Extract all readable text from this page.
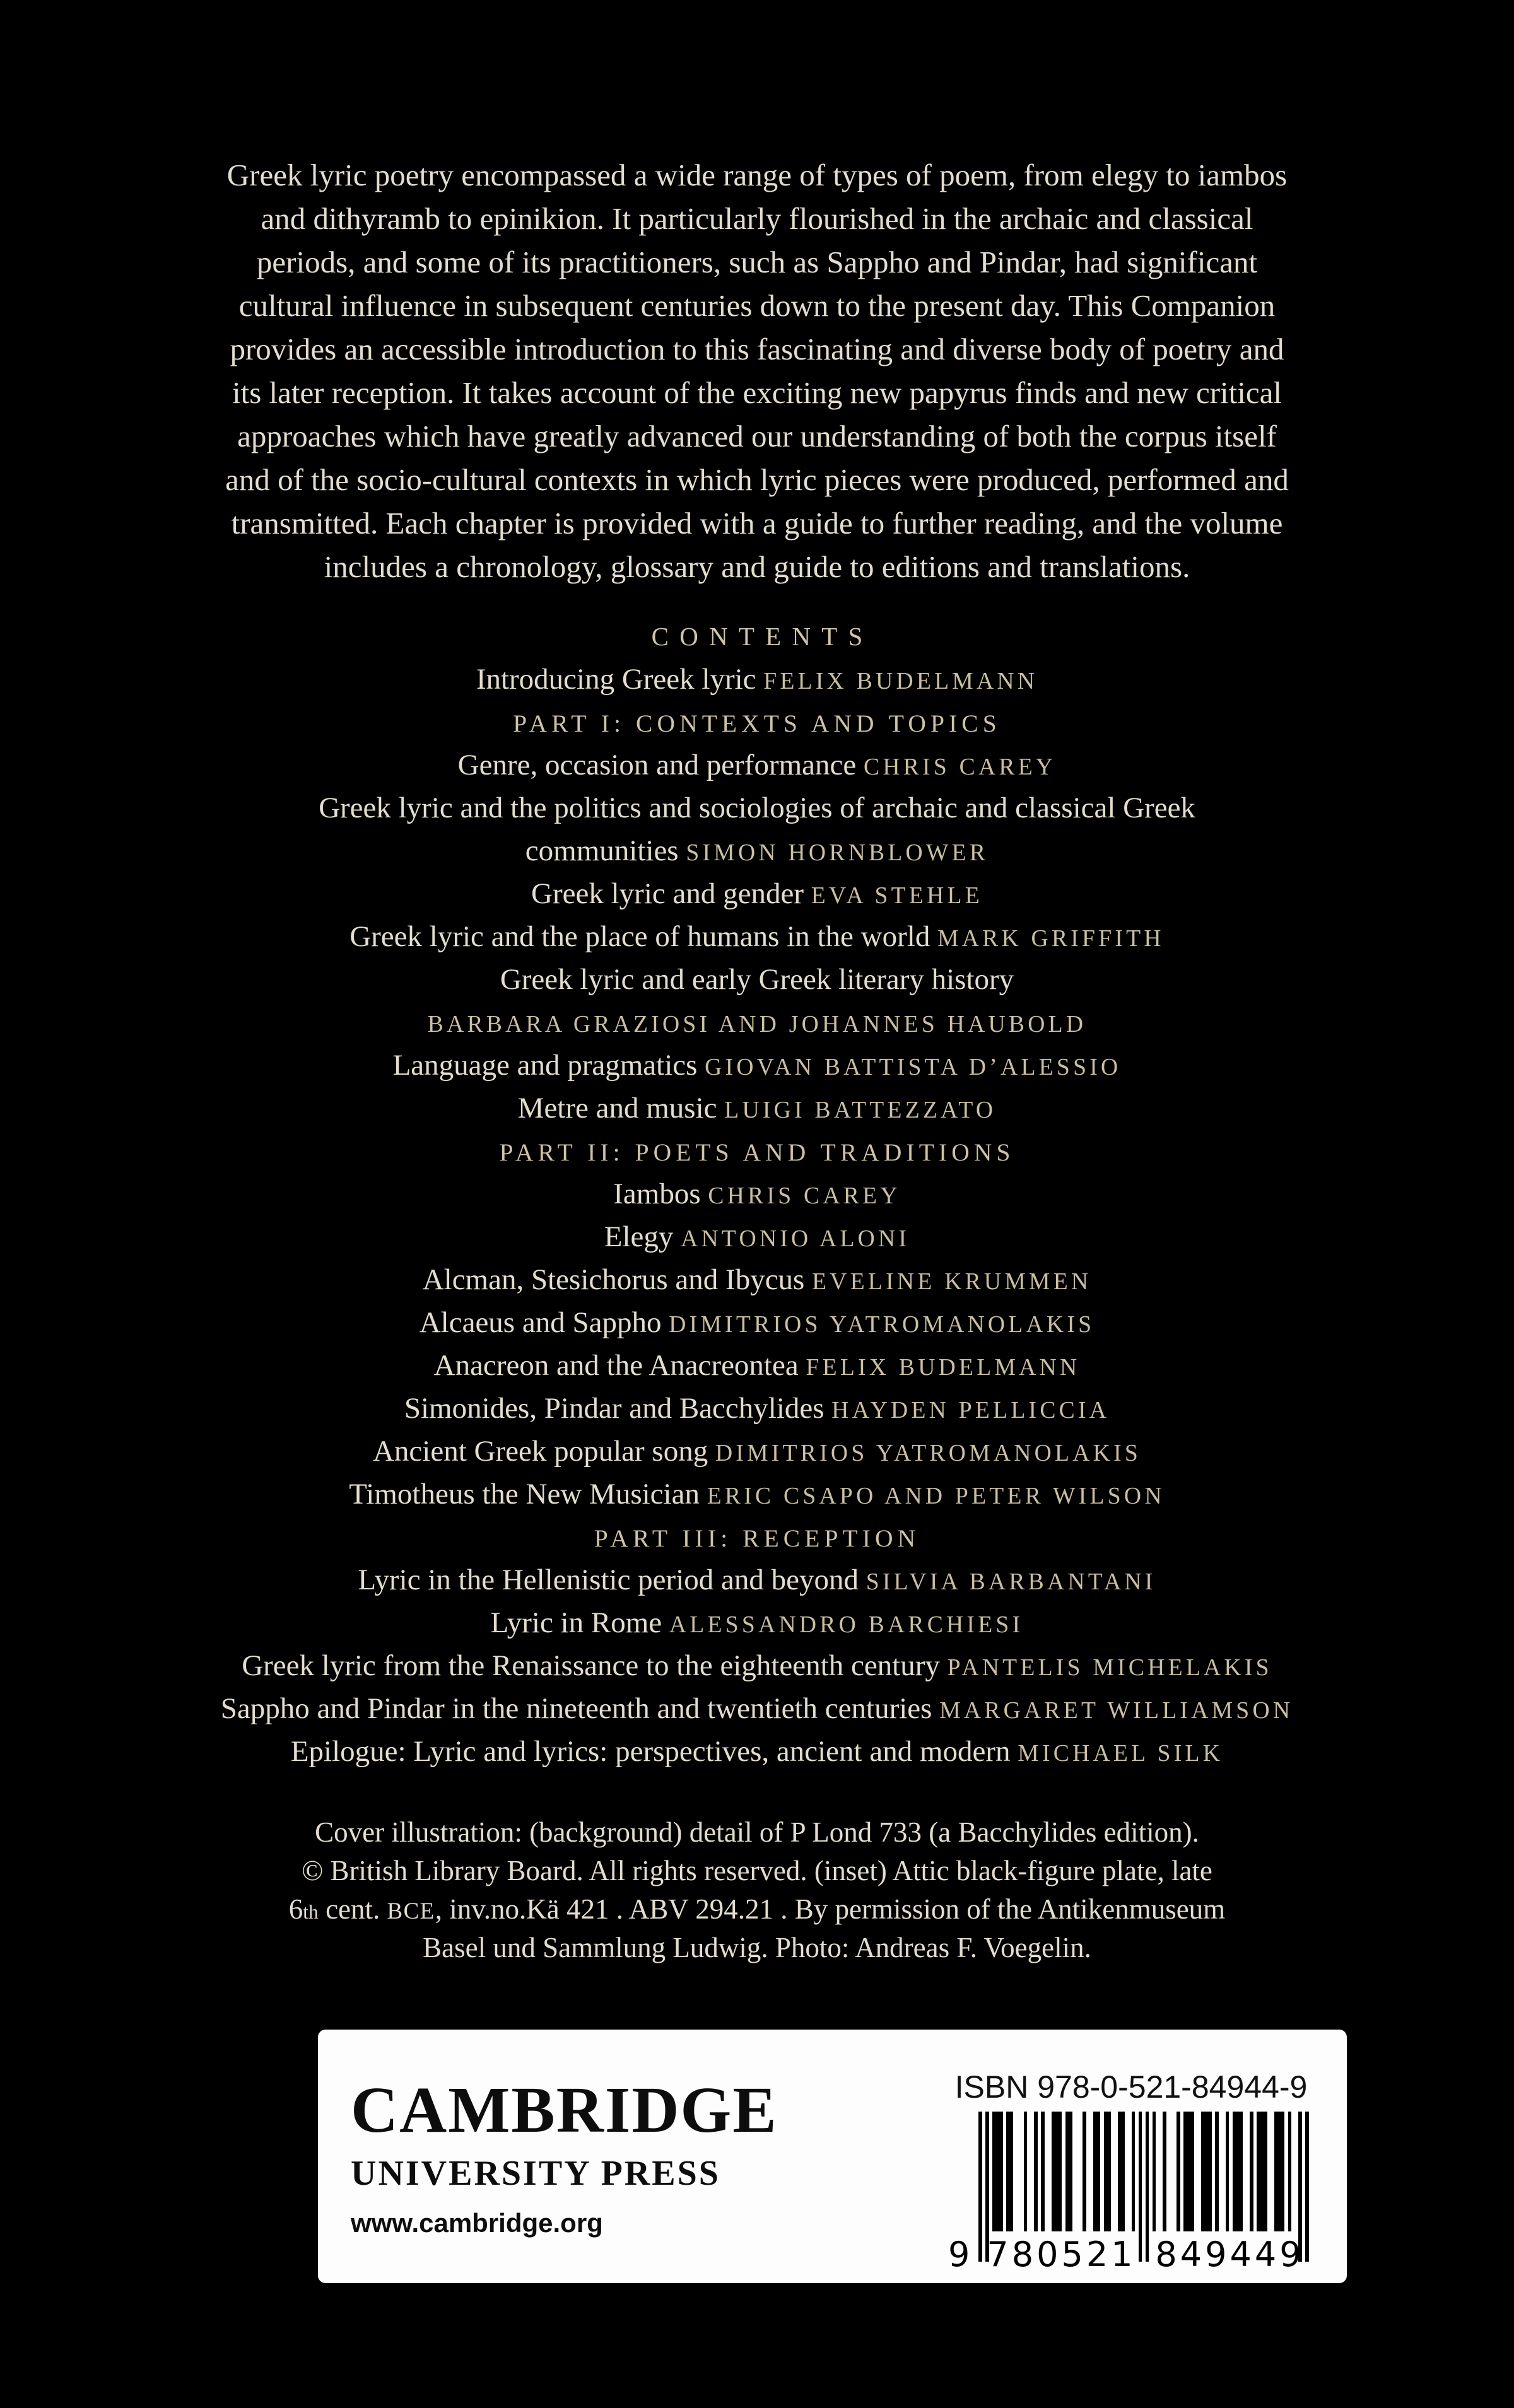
Greek lyric poetry encompassed a wide range of types of poem, from elegy to iambos
and dithyramb to epinikion. It particularly flourished in the archaic and classical
periods, and some of its practitioners, such as Sappho and Pindar, had significant
cultural influence in subsequent centuries down to the present day. This Companion
provides an accessible introduction to this fascinating and diverse body of poetry and
its later reception. It takes account of the exciting new papyrus finds and new critical
approaches which have greatly advanced our understanding of both the corpus itself
and of the socio-cultural contexts in which lyric pieces were produced, performed and
transmitted. Each chapter is provided with a guide to further reading, and the volume
includes a chronology, glossary and guide to editions and translations.
CONTENTS
Introducing Greek lyric FELIX BUDELMANN
PART I: CONTEXTS AND TOPICS
Genre, occasion and performance CHRIS CAREY
Greek lyric and the politics and sociologies of archaic and classical Greek
communities SIMON HORNBLOWER
Greek lyric and gender EVA STEHLE
Greek lyric and the place of humans in the world MARK GRIFFITH
Greek lyric and early Greek literary history
BARBARA GRAZIOSI AND JOHANNES HAUBOLD
Language and pragmatics GIOVAN BATTISTA D’ALESSIO
Metre and music LUIGI BATTEZZATO
PART II: POETS AND TRADITIONS
Iambos CHRIS CAREY
Elegy ANTONIO ALONI
Alcman, Stesichorus and Ibycus EVELINE KRUMMEN
Alcaeus and Sappho DIMITRIOS YATROMANOLAKIS
Anacreon and the Anacreontea FELIX BUDELMANN
Simonides, Pindar and Bacchylides HAYDEN PELLICCIA
Ancient Greek popular song DIMITRIOS YATROMANOLAKIS
Timotheus the New Musician ERIC CSAPO AND PETER WILSON
PART III: RECEPTION
Lyric in the Hellenistic period and beyond SILVIA BARBANTANI
Lyric in Rome ALESSANDRO BARCHIESI
Greek lyric from the Renaissance to the eighteenth century PANTELIS MICHELAKIS
Sappho and Pindar in the nineteenth and twentieth centuries MARGARET WILLIAMSON
Epilogue: Lyric and lyrics: perspectives, ancient and modern MICHAEL SILK
Cover illustration: (background) detail of P Lond 733 (a Bacchylides edition).
© British Library Board. All rights reserved. (inset) Attic black-figure plate, late
6th cent. BCE, inv.no.Kä 421 . ABV 294.21 . By permission of the Antikenmuseum
Basel und Sammlung Ludwig. Photo: Andreas F. Voegelin.
CAMBRIDGE
UNIVERSITY PRESS
www.cambridge.org
ISBN 978-0-521-84944-9
9 780521 849449
